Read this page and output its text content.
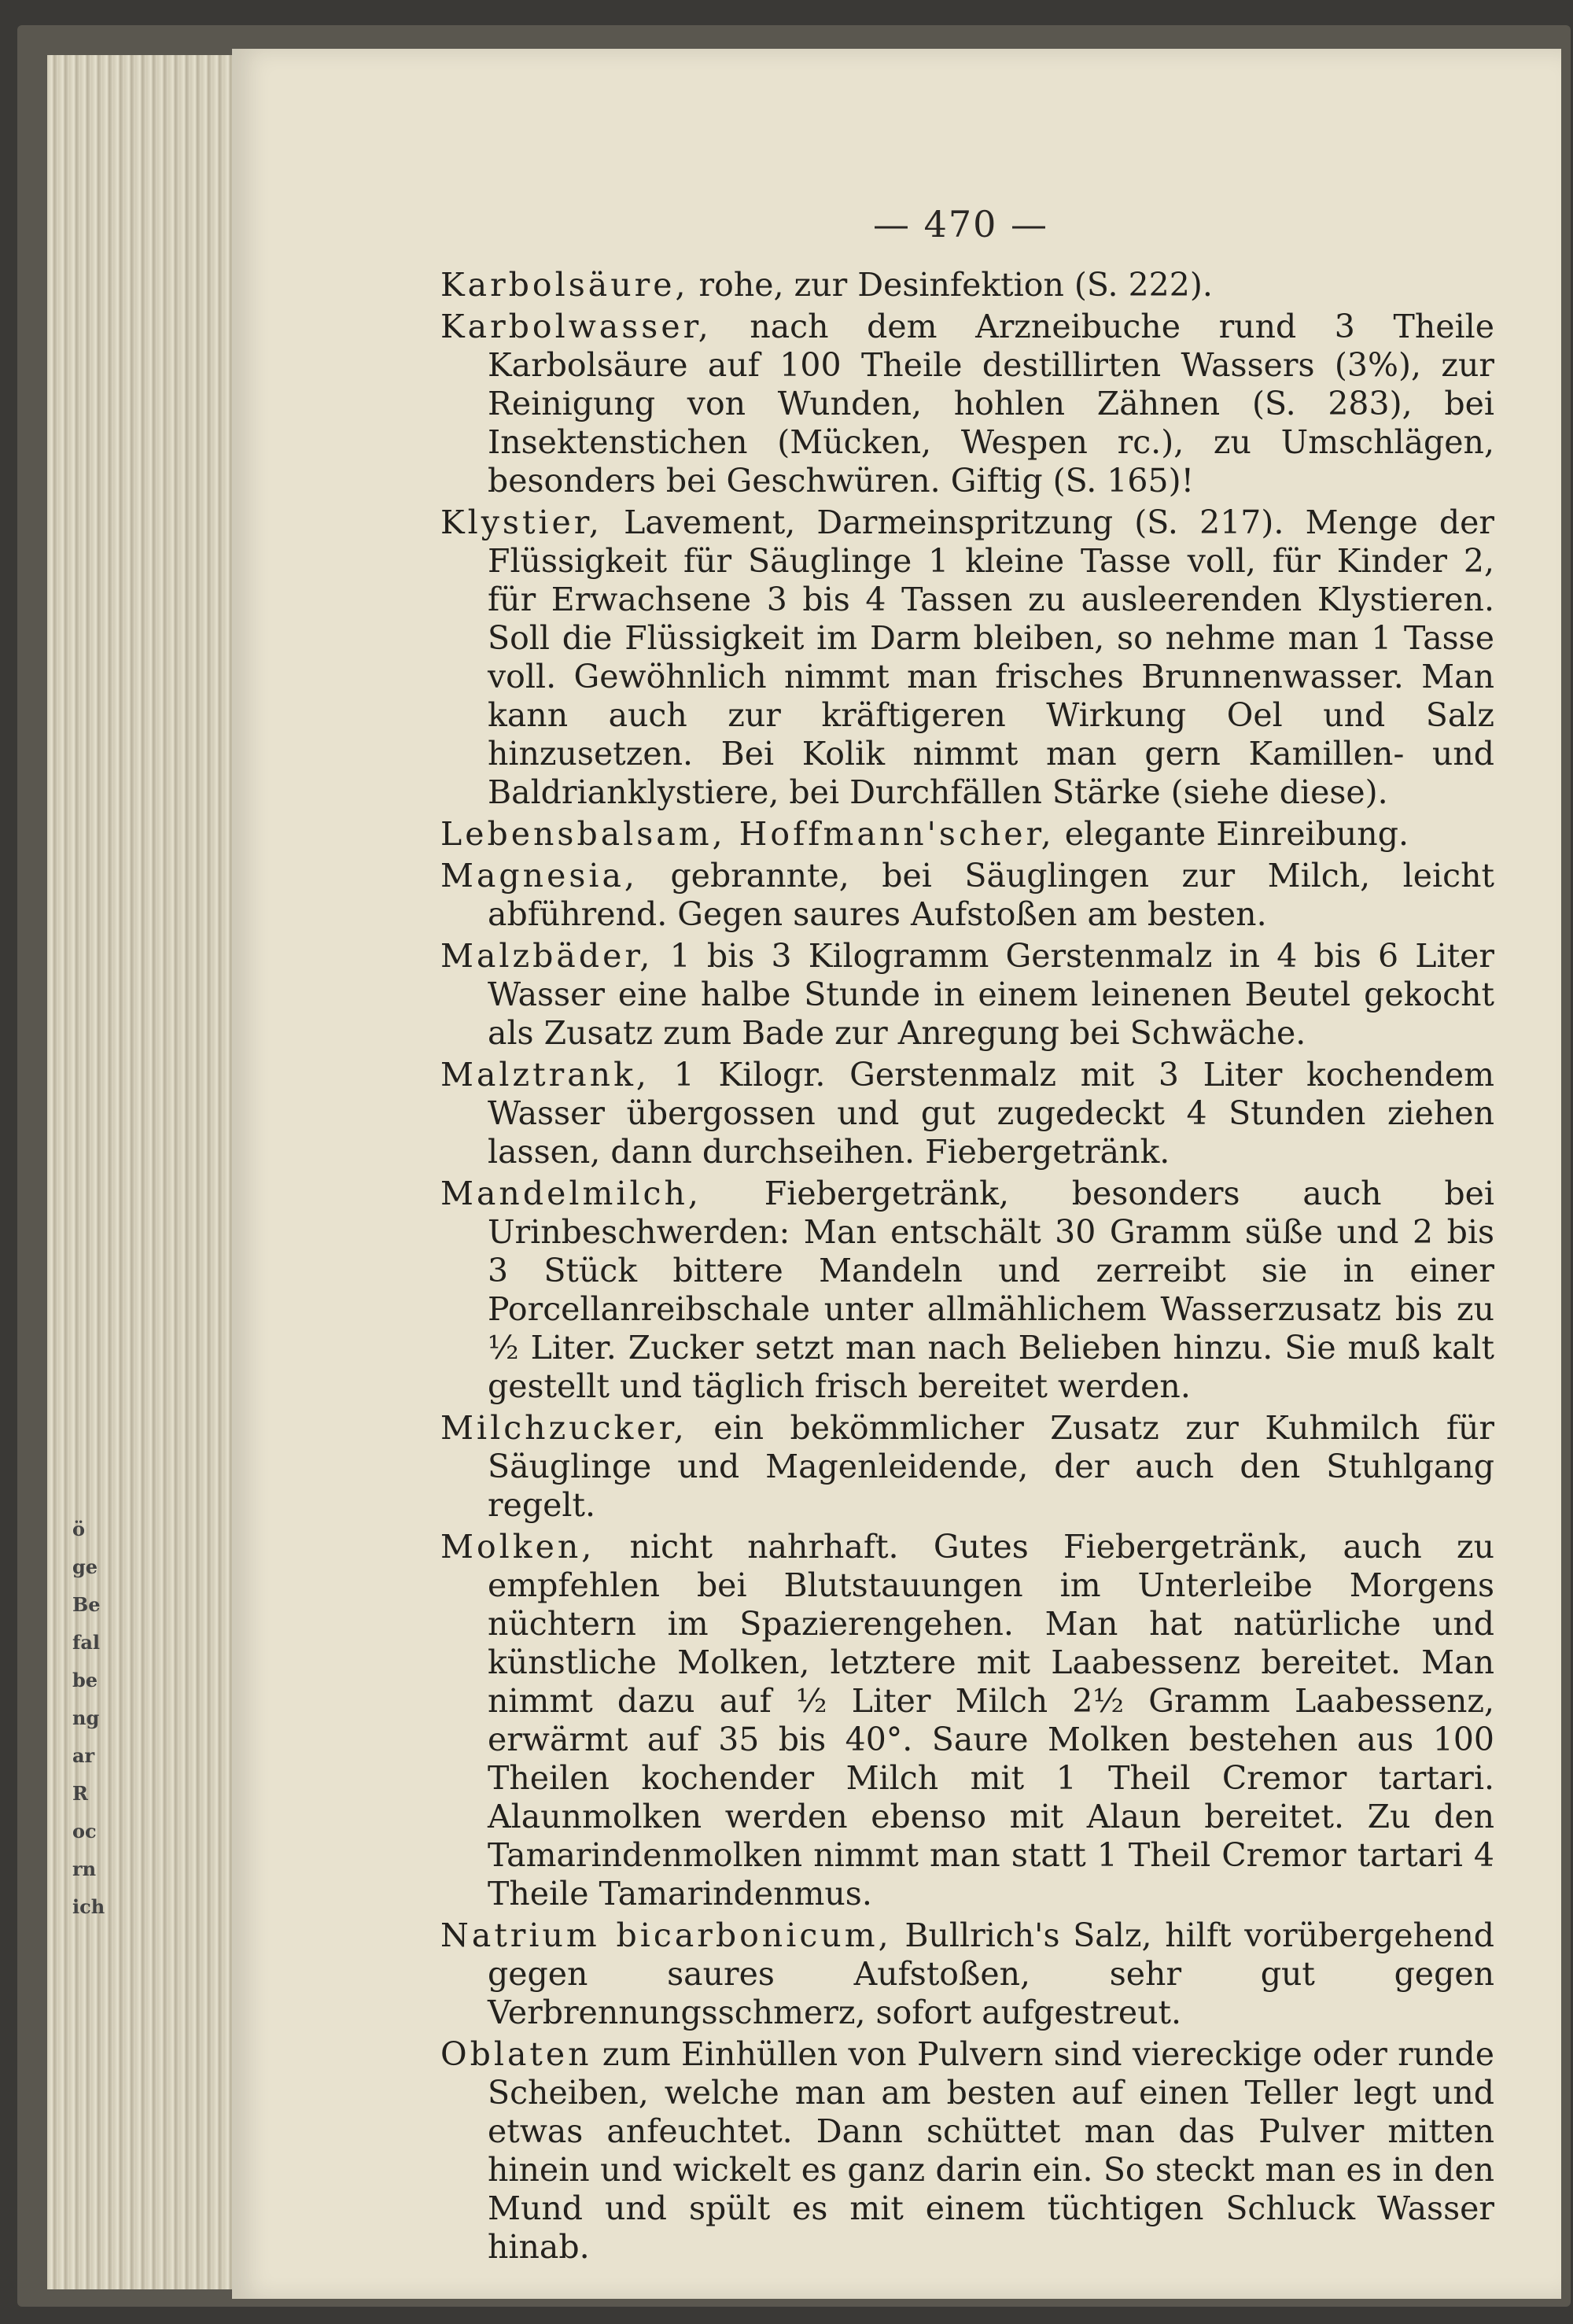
ö
ge
Be
fal
be
ng
ar
R
oc
rn
ich
— 470 —

Karbolsäure, rohe, zur Desinfektion (S. 222).

Karbolwasser, nach dem Arzneibuche rund 3 Theile Karbolsäure auf 100 Theile destillirten Wassers (3%), zur Reinigung von Wunden, hohlen Zähnen (S. 283), bei Insektenstichen (Mücken, Wespen rc.), zu Umschlägen, besonders bei Geschwüren. Giftig (S. 165)!

Klystier, Lavement, Darmeinspritzung (S. 217). Menge der Flüssigkeit für Säuglinge 1 kleine Tasse voll, für Kinder 2, für Erwachsene 3 bis 4 Tassen zu ausleerenden Klystieren. Soll die Flüssigkeit im Darm bleiben, so nehme man 1 Tasse voll. Gewöhnlich nimmt man frisches Brunnenwasser. Man kann auch zur kräftigeren Wirkung Oel und Salz hinzusetzen. Bei Kolik nimmt man gern Kamillen- und Baldrianklystiere, bei Durchfällen Stärke (siehe diese).

Lebensbalsam, Hoffmann'scher, elegante Einreibung.

Magnesia, gebrannte, bei Säuglingen zur Milch, leicht abführend. Gegen saures Aufstoßen am besten.

Malzbäder, 1 bis 3 Kilogramm Gerstenmalz in 4 bis 6 Liter Wasser eine halbe Stunde in einem leinenen Beutel gekocht als Zusatz zum Bade zur Anregung bei Schwäche.

Malztrank, 1 Kilogr. Gerstenmalz mit 3 Liter kochendem Wasser übergossen und gut zugedeckt 4 Stunden ziehen lassen, dann durchseihen. Fiebergetränk.

Mandelmilch, Fiebergetränk, besonders auch bei Urinbeschwerden: Man entschält 30 Gramm süße und 2 bis 3 Stück bittere Mandeln und zerreibt sie in einer Porcellanreibschale unter allmählichem Wasserzusatz bis zu ½ Liter. Zucker setzt man nach Belieben hinzu. Sie muß kalt gestellt und täglich frisch bereitet werden.

Milchzucker, ein bekömmlicher Zusatz zur Kuhmilch für Säuglinge und Magenleidende, der auch den Stuhlgang regelt.

Molken, nicht nahrhaft. Gutes Fiebergetränk, auch zu empfehlen bei Blutstauungen im Unterleibe Morgens nüchtern im Spazierengehen. Man hat natürliche und künstliche Molken, letztere mit Laabessenz bereitet. Man nimmt dazu auf ½ Liter Milch 2½ Gramm Laabessenz, erwärmt auf 35 bis 40°. Saure Molken bestehen aus 100 Theilen kochender Milch mit 1 Theil Cremor tartari. Alaunmolken werden ebenso mit Alaun bereitet. Zu den Tamarindenmolken nimmt man statt 1 Theil Cremor tartari 4 Theile Tamarindenmus.

Natrium bicarbonicum, Bullrich's Salz, hilft vorübergehend gegen saures Aufstoßen, sehr gut gegen Verbrennungsschmerz, sofort aufgestreut.

Oblaten zum Einhüllen von Pulvern sind viereckige oder runde Scheiben, welche man am besten auf einen Teller legt und etwas anfeuchtet. Dann schüttet man das Pulver mitten hinein und wickelt es ganz darin ein. So steckt man es in den Mund und spült es mit einem tüchtigen Schluck Wasser hinab.
